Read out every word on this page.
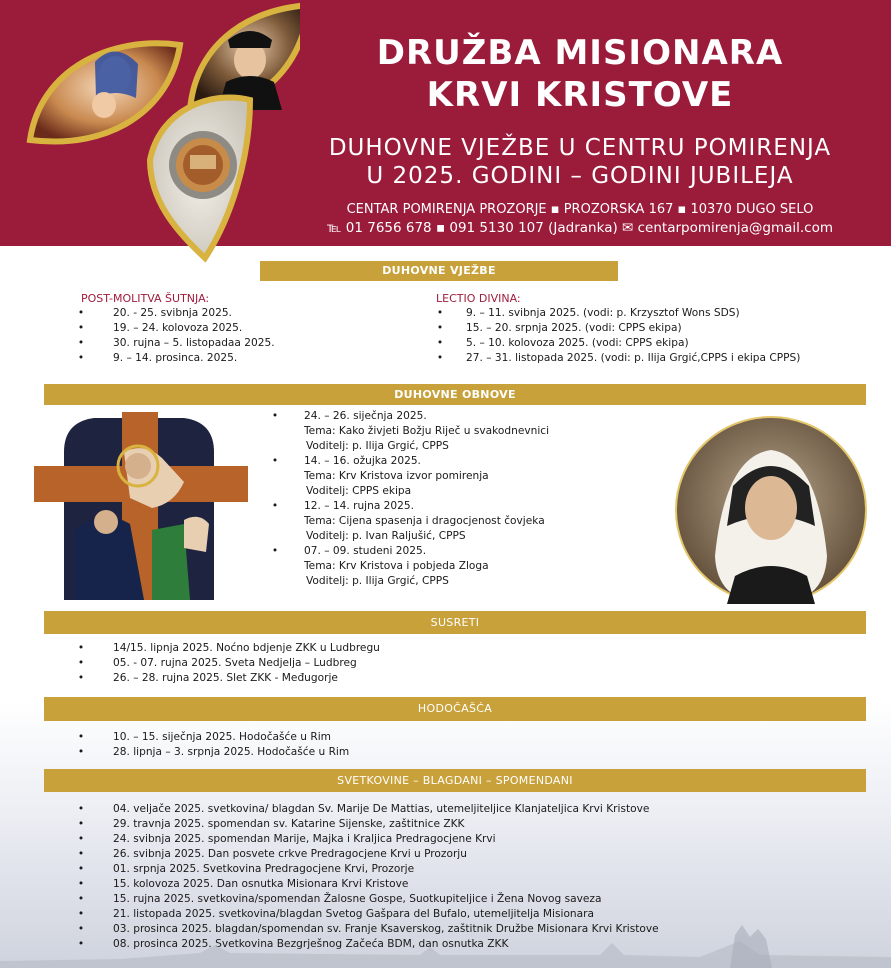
DRUŽBA MISIONARA
KRVI KRISTOVE
DUHOVNE VJEŽBE U CENTRU POMIRENJA
U 2025. GODINI – GODINI JUBILEJA
CENTAR POMIRENJA PROZORJE ▪ PROZORSKA 167 ▪ 10370 DUGO SELO
℡ 01 7656 678 ▪ 091 5130 107 (Jadranka) ✉ centarpomirenja@gmail.com
DUHOVNE VJEŽBE
POST-MOLITVA ŠUTNJA:
•	20. - 25. svibnja 2025.
•	19. – 24. kolovoza 2025.
•	30. rujna – 5. listopadaa 2025.
•	9. – 14. prosinca. 2025.
LECTIO DIVINA:
•	9. – 11. svibnja 2025. (vodi: p. Krzysztof Wons SDS)
•	15. – 20. srpnja 2025. (vodi: CPPS ekipa)
•	5. – 10. kolovoza 2025. (vodi: CPPS ekipa)
•	27. – 31. listopada 2025. (vodi: p. Ilija Grgić,CPPS i ekipa CPPS)
DUHOVNE OBNOVE
•	24. – 26. siječnja 2025.
Tema: Kako živjeti Božju Riječ u svakodnevnici
Voditelj: p. Ilija Grgić, CPPS
•	14. – 16. ožujka 2025.
Tema: Krv Kristova izvor pomirenja
Voditelj: CPPS ekipa
•	12. – 14. rujna 2025.
Tema: Cijena spasenja i dragocjenost čovjeka
Voditelj: p. Ivan Raljušić, CPPS
•	07. – 09. studeni 2025.
Tema: Krv Kristova i pobjeda Zloga
Voditelj: p. Ilija Grgić, CPPS
SUSRETI
•	14/15. lipnja 2025. Noćno bdjenje ZKK u Ludbregu
•	05. - 07. rujna 2025. Sveta Nedjelja – Ludbreg
•	26. – 28. rujna 2025. Slet ZKK - Međugorje
HODOČAŠĆA
•	10. – 15. siječnja 2025. Hodočašće u Rim
•	28. lipnja – 3. srpnja 2025. Hodočašće u Rim
SVETKOVINE – BLAGDANI – SPOMENDANI
•	04. veljače 2025. svetkovina/ blagdan Sv. Marije De Mattias, utemeljiteljice Klanjateljica Krvi Kristove
•	29. travnja 2025. spomendan sv. Katarine Sijenske, zaštitnice ZKK
•	24. svibnja 2025. spomendan Marije, Majka i Kraljica Predragocjene Krvi
•	26. svibnja 2025. Dan posvete crkve Predragocjene Krvi u Prozorju
•	01. srpnja 2025. Svetkovina Predragocjene Krvi, Prozorje
•	15. kolovoza 2025. Dan osnutka Misionara Krvi Kristove
•	15. rujna 2025. svetkovina/spomendan Žalosne Gospe, Suotkupiteljice i Žena Novog saveza
•	21. listopada 2025. svetkovina/blagdan Svetog Gašpara del Bufalo, utemeljitelja Misionara
•	03. prosinca 2025. blagdan/spomendan sv. Franje Ksaverskog, zaštitnik Družbe Misionara Krvi Kristove
•	08. prosinca 2025. Svetkovina Bezgrješnog Začeća BDM, dan osnutka ZKK
